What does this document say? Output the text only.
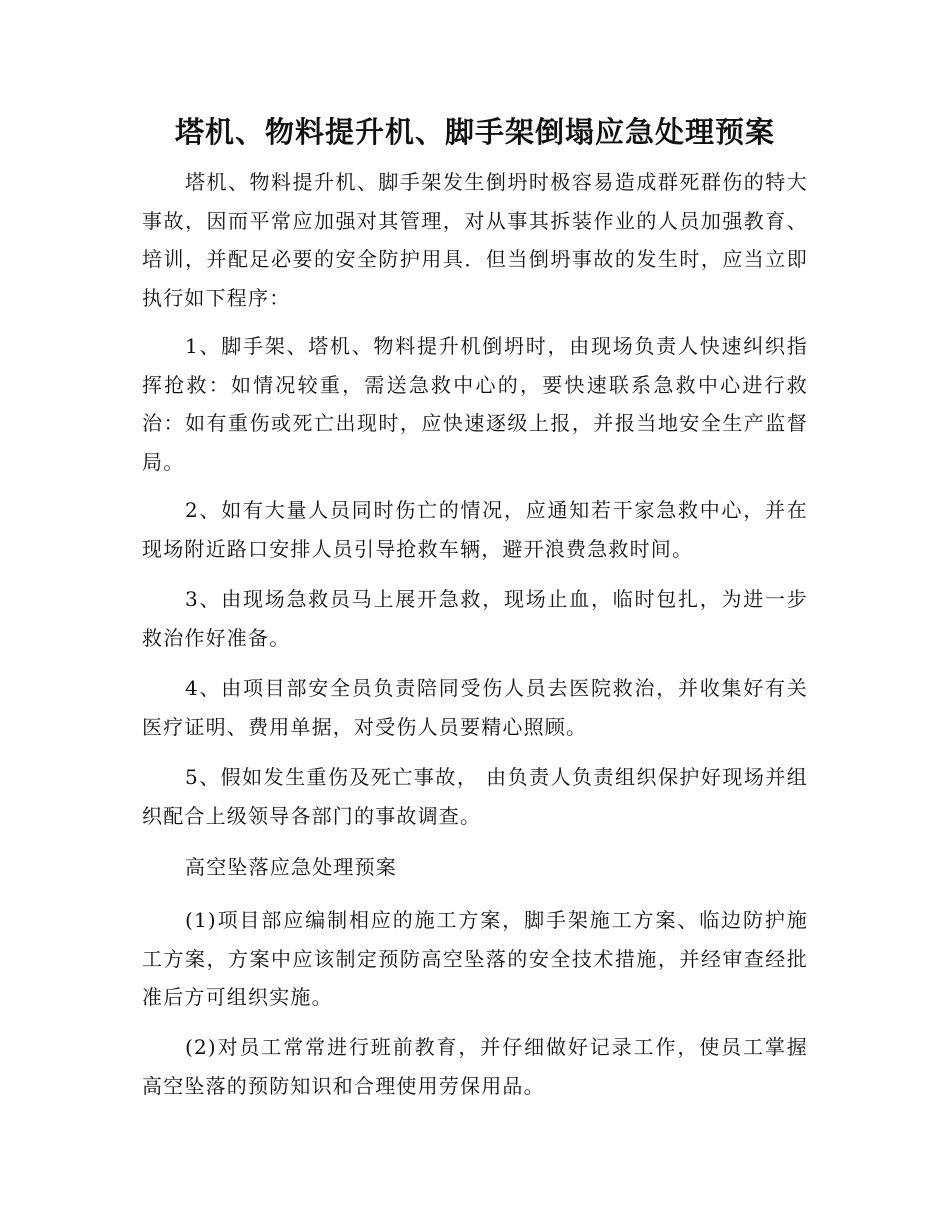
塔机、物料提升机、脚手架倒塌应急处理预案

塔机、物料提升机、脚手架发生倒坍时极容易造成群死群伤的特大事故，因而平常应加强对其管理，对从事其拆装作业的人员加强教育、培训，并配足必要的安全防护用具．但当倒坍事故的发生时，应当立即执行如下程序：

1、脚手架、塔机、物料提升机倒坍时，由现场负责人快速纠织指挥抢救：如情况较重，需送急救中心的，要快速联系急救中心进行救治：如有重伤或死亡出现时，应快速逐级上报，并报当地安全生产监督局。

2、如有大量人员同时伤亡的情况，应通知若干家急救中心，并在现场附近路口安排人员引导抢救车辆，避开浪费急救时间。

3、由现场急救员马上展开急救，现场止血，临时包扎，为进一步救治作好准备。

4、由项目部安全员负责陪同受伤人员去医院救治，并收集好有关医疗证明、费用单据，对受伤人员要精心照顾。

5、假如发生重伤及死亡事故， 由负责人负责组织保护好现场并组织配合上级领导各部门的事故调查。

高空坠落应急处理预案

(1)项目部应编制相应的施工方案，脚手架施工方案、临边防护施工方案，方案中应该制定预防高空坠落的安全技术措施，并经审查经批准后方可组织实施。

(2)对员工常常进行班前教育，并仔细做好记录工作，使员工掌握高空坠落的预防知识和合理使用劳保用品。
